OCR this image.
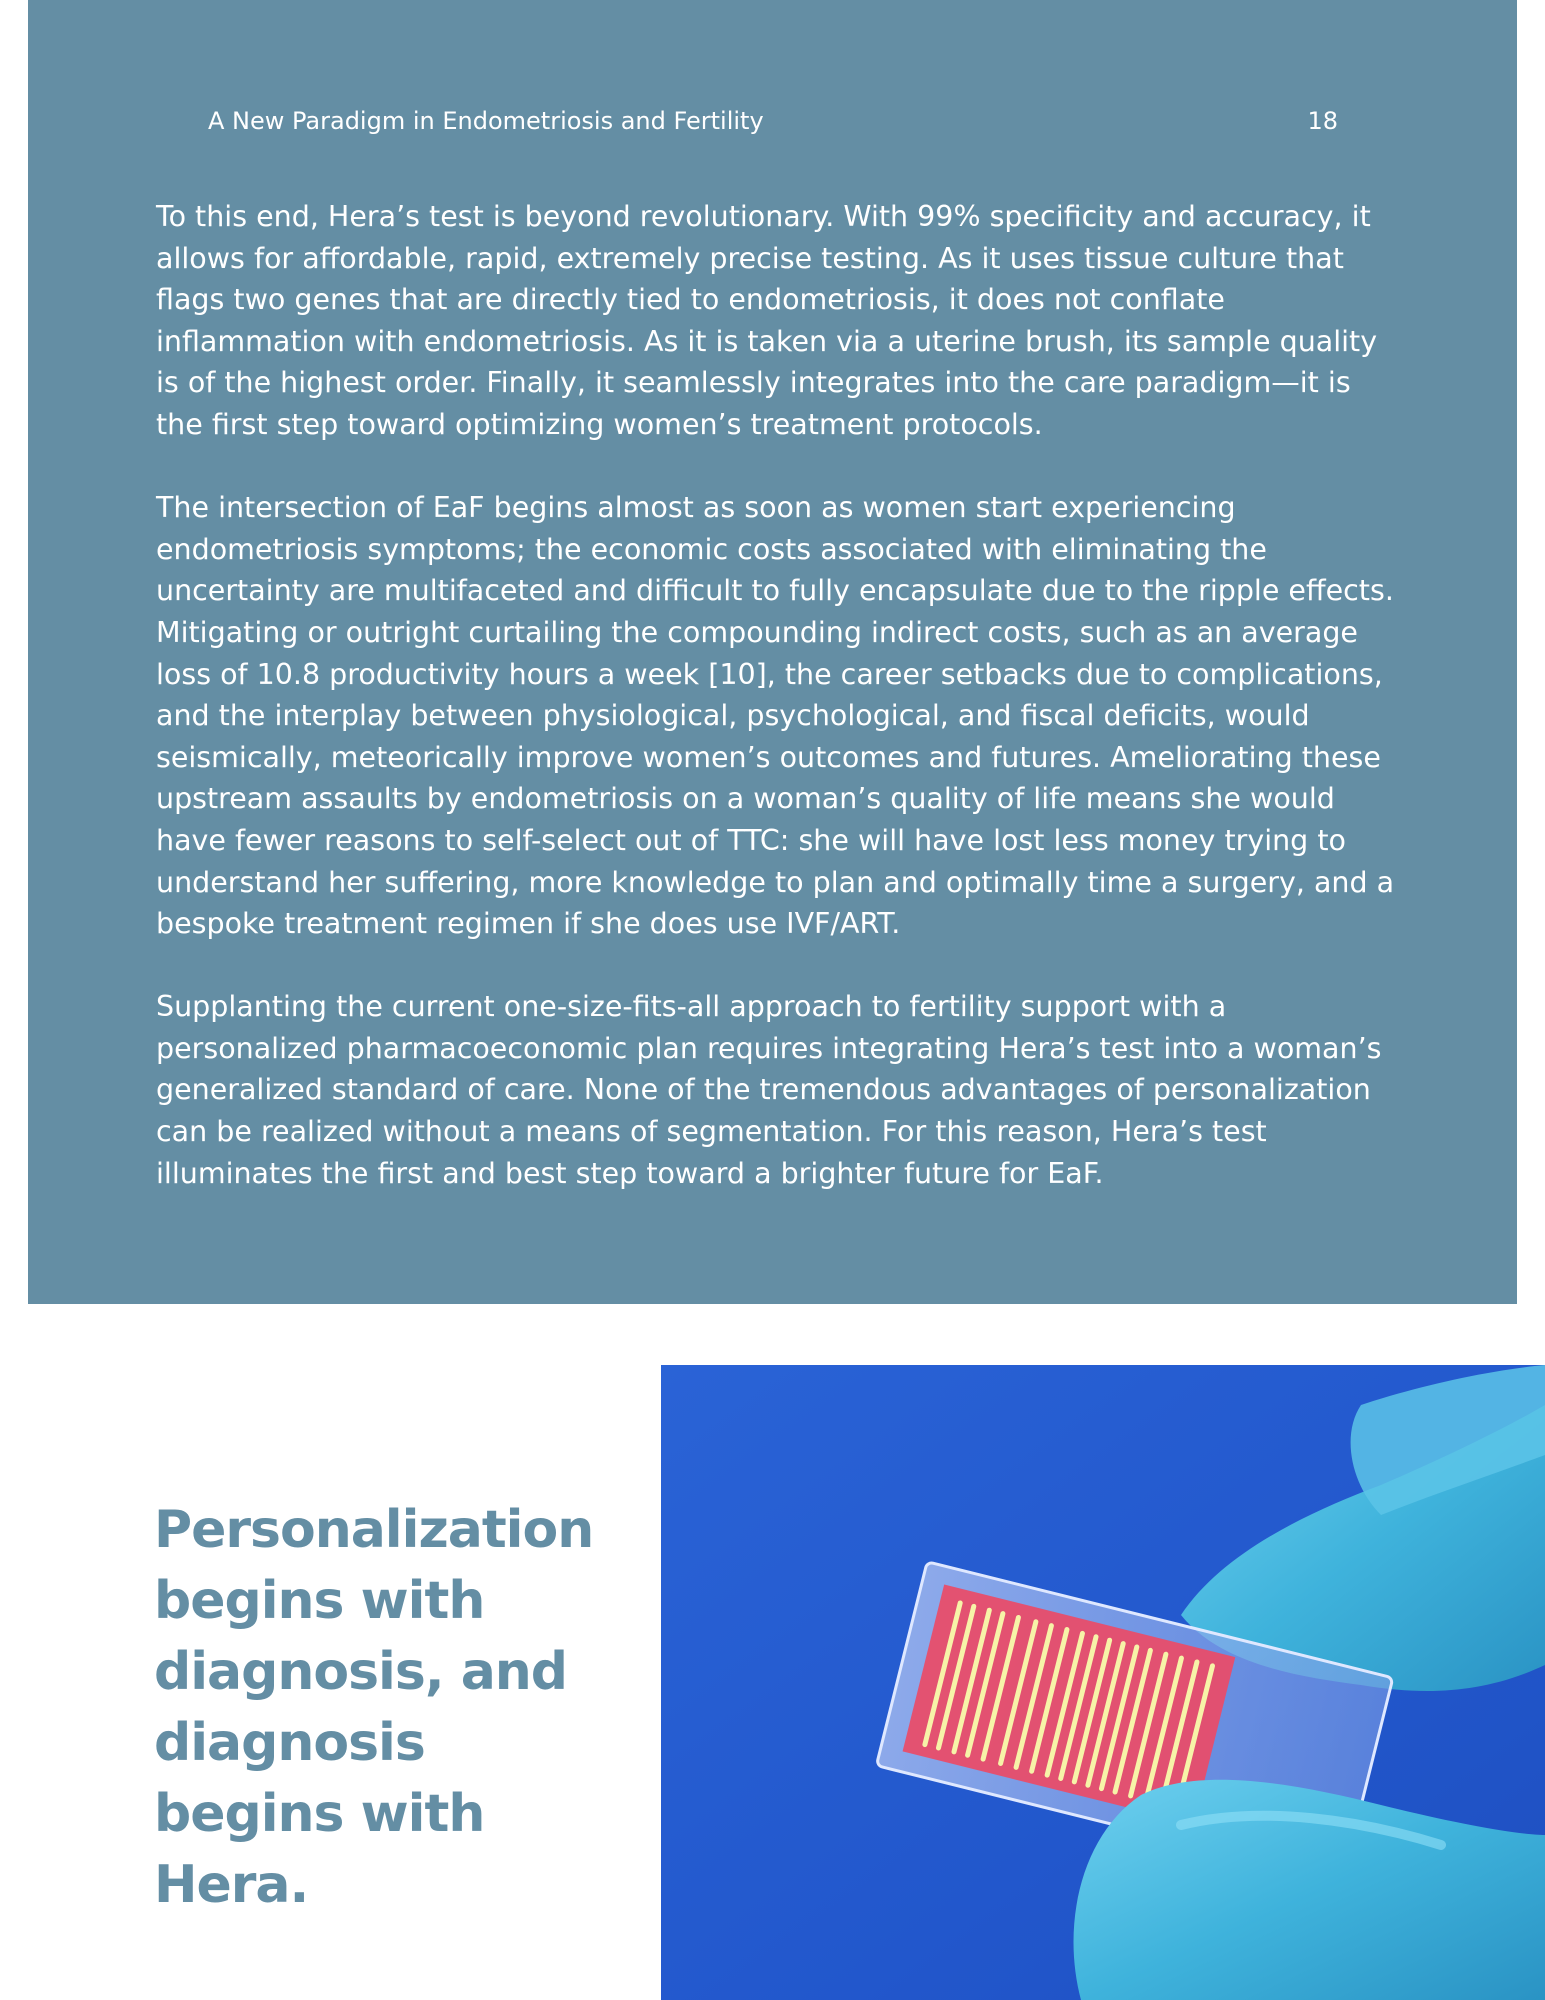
A New Paradigm in Endometriosis and Fertility	18

To this end, Hera’s test is beyond revolutionary. With 99% specificity and accuracy, it allows for affordable, rapid, extremely precise testing. As it uses tissue culture that flags two genes that are directly tied to endometriosis, it does not conflate inflammation with endometriosis. As it is taken via a uterine brush, its sample quality is of the highest order. Finally, it seamlessly integrates into the care paradigm—it is the first step toward optimizing women’s treatment protocols.

The intersection of EaF begins almost as soon as women start experiencing endometriosis symptoms; the economic costs associated with eliminating the uncertainty are multifaceted and difficult to fully encapsulate due to the ripple effects. Mitigating or outright curtailing the compounding indirect costs, such as an average loss of 10.8 productivity hours a week [10], the career setbacks due to complications, and the interplay between physiological, psychological, and fiscal deficits, would seismically, meteorically improve women’s outcomes and futures. Ameliorating these upstream assaults by endometriosis on a woman’s quality of life means she would have fewer reasons to self-select out of TTC: she will have lost less money trying to understand her suffering, more knowledge to plan and optimally time a surgery, and a bespoke treatment regimen if she does use IVF/ART.

Supplanting the current one-size-fits-all approach to fertility support with a personalized pharmacoeconomic plan requires integrating Hera’s test into a woman’s generalized standard of care. None of the tremendous advantages of personalization can be realized without a means of segmentation. For this reason, Hera’s test illuminates the first and best step toward a brighter future for EaF.

Personalization begins with diagnosis, and diagnosis begins with Hera.
